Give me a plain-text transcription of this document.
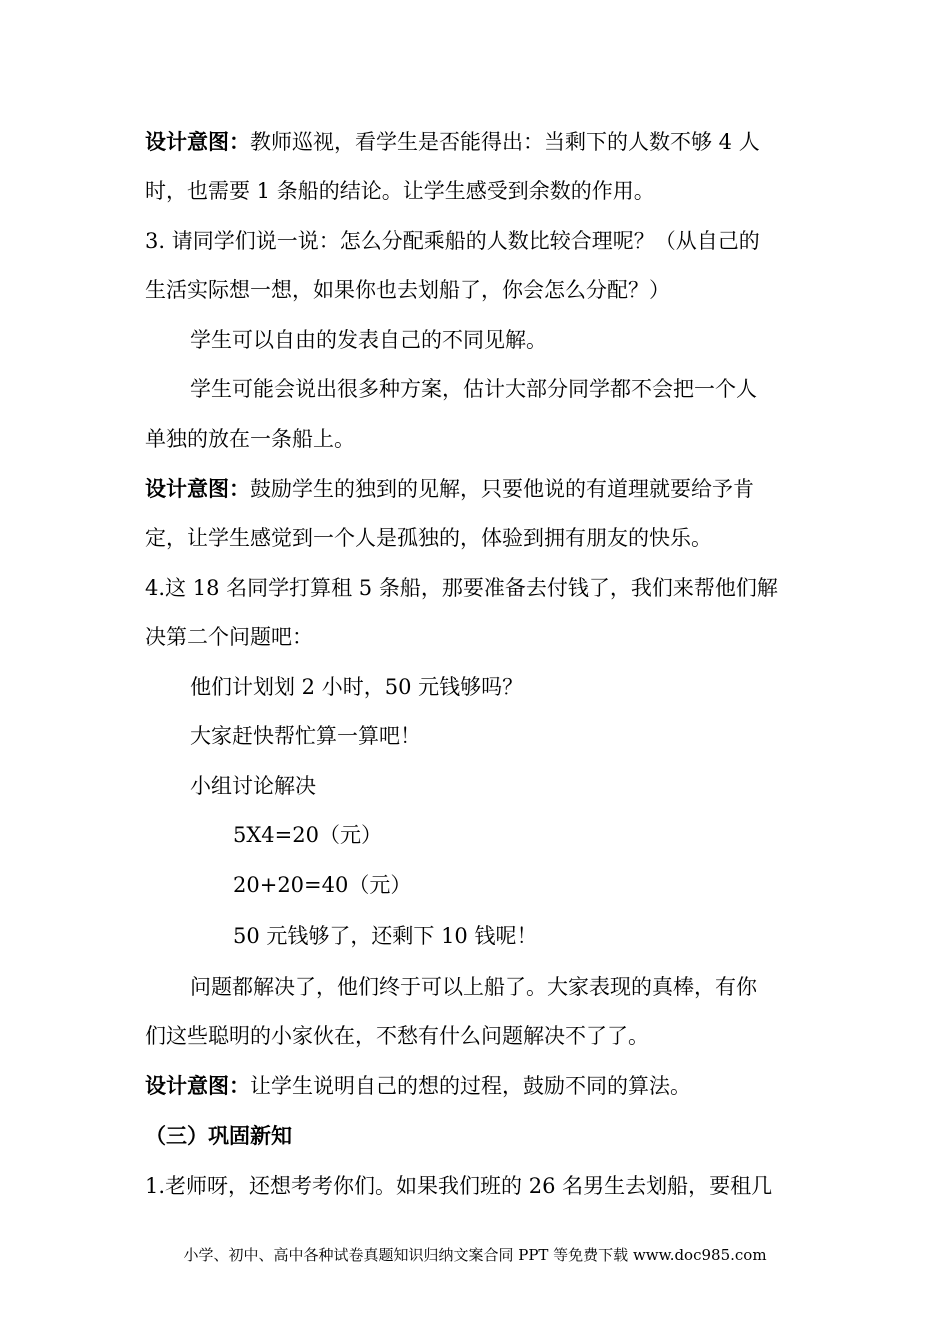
设计意图：教师巡视，看学生是否能得出：当剩下的人数不够 4 人
时，也需要 1 条船的结论。让学生感受到余数的作用。
3. 请同学们说一说：怎么分配乘船的人数比较合理呢？（从自己的
生活实际想一想，如果你也去划船了，你会怎么分配？）
学生可以自由的发表自己的不同见解。
学生可能会说出很多种方案，估计大部分同学都不会把一个人
单独的放在一条船上。
设计意图：鼓励学生的独到的见解，只要他说的有道理就要给予肯
定，让学生感觉到一个人是孤独的，体验到拥有朋友的快乐。
4.这 18 名同学打算租 5 条船，那要准备去付钱了，我们来帮他们解
决第二个问题吧：
他们计划划 2 小时，50 元钱够吗？
大家赶快帮忙算一算吧！
小组讨论解决
5X4=20（元）
20+20=40（元）
50 元钱够了，还剩下 10 钱呢！
问题都解决了，他们终于可以上船了。大家表现的真棒，有你
们这些聪明的小家伙在，不愁有什么问题解决不了了。
设计意图：让学生说明自己的想的过程，鼓励不同的算法。
（三）巩固新知
1.老师呀，还想考考你们。如果我们班的 26 名男生去划船，要租几
小学、初中、高中各种试卷真题知识归纳文案合同 PPT 等免费下载 www.doc985.com
